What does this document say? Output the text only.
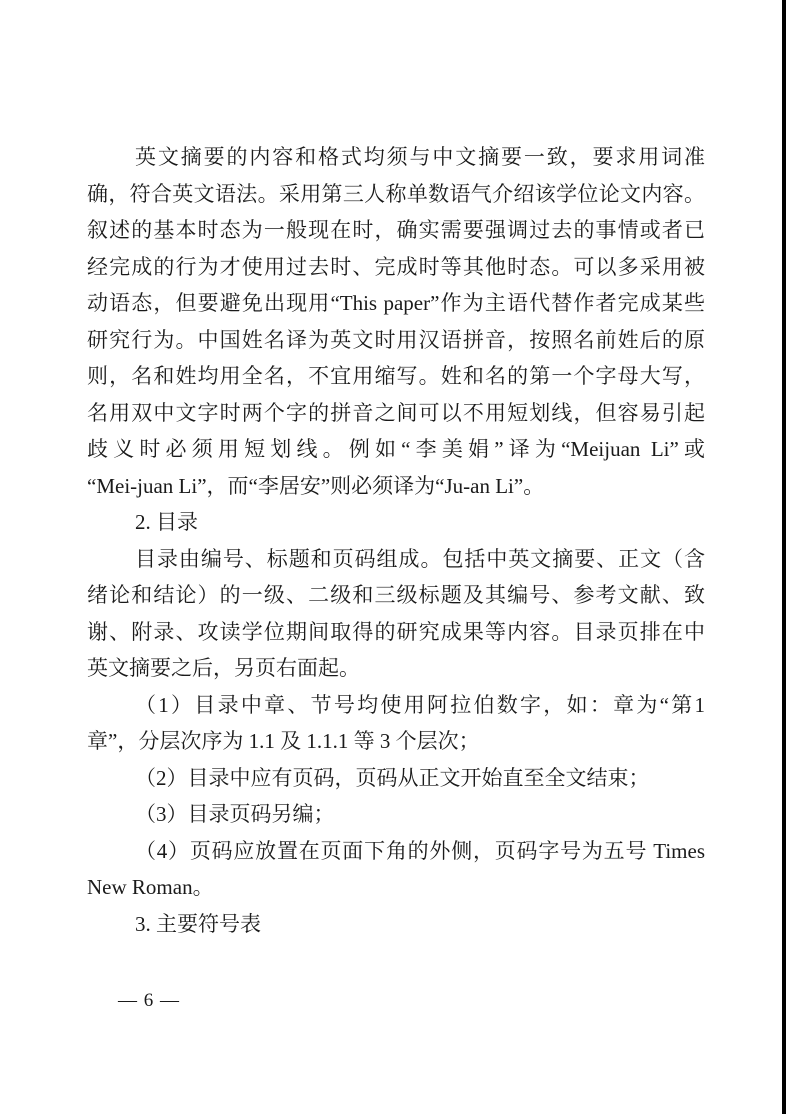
英文摘要的内容和格式均须与中文摘要一致，要求用词准
确，符合英文语法。采用第三人称单数语气介绍该学位论文内容。
叙述的基本时态为一般现在时，确实需要强调过去的事情或者已
经完成的行为才使用过去时、完成时等其他时态。可以多采用被
动语态，但要避免出现用“This paper”作为主语代替作者完成某些
研究行为。中国姓名译为英文时用汉语拼音，按照名前姓后的原
则，名和姓均用全名，不宜用缩写。姓和名的第一个字母大写，
名用双中文字时两个字的拼音之间可以不用短划线，但容易引起
歧义时必须用短划线。例如“李美娟”译为“Meijuan Li”或
“Mei-juan Li”，而“李居安”则必须译为“Ju-an Li”。
2. 目录
目录由编号、标题和页码组成。包括中英文摘要、正文（含
绪论和结论）的一级、二级和三级标题及其编号、参考文献、致
谢、附录、攻读学位期间取得的研究成果等内容。目录页排在中
英文摘要之后，另页右面起。
（1）目录中章、节号均使用阿拉伯数字，如：章为“第1
章”，分层次序为 1.1 及 1.1.1 等 3 个层次；
（2）目录中应有页码，页码从正文开始直至全文结束；
（3）目录页码另编；
（4）页码应放置在页面下角的外侧，页码字号为五号 Times
New Roman。
3. 主要符号表
— 6 —
